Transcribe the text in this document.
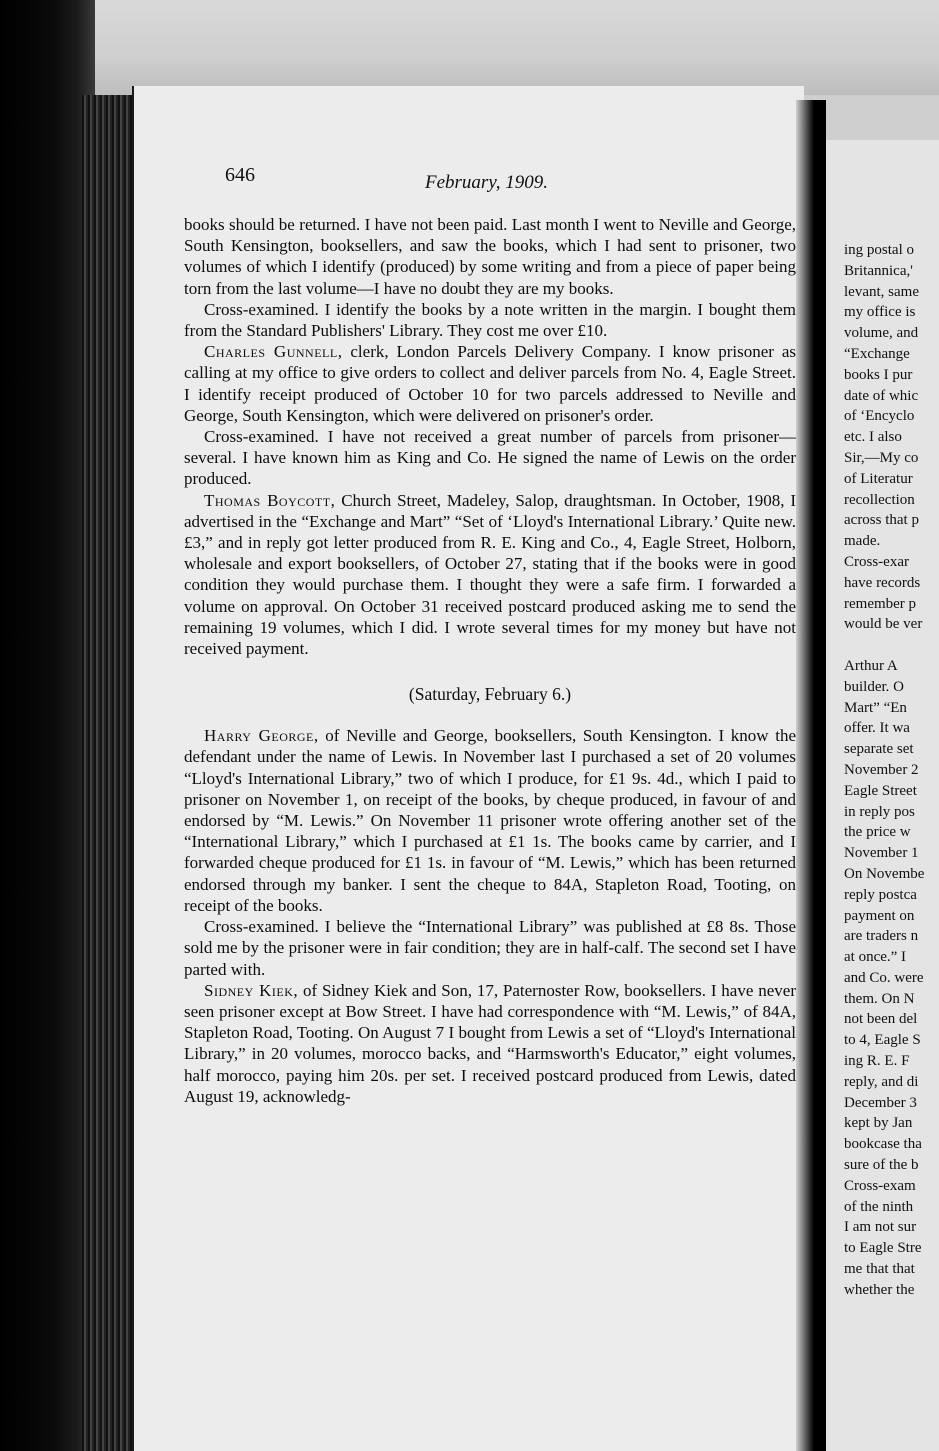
646	February, 1909.

books should be returned. I have not been paid. Last month I went to Neville and George, South Kensington, booksellers, and saw the books, which I had sent to prisoner, two volumes of which I identify (produced) by some writing and from a piece of paper being torn from the last volume—I have no doubt they are my books.

Cross-examined. I identify the books by a note written in the margin. I bought them from the Standard Publishers' Library. They cost me over £10.

Charles Gunnell, clerk, London Parcels Delivery Company. I know prisoner as calling at my office to give orders to collect and deliver parcels from No. 4, Eagle Street. I identify receipt produced of October 10 for two parcels addressed to Neville and George, South Kensington, which were delivered on prisoner's order.

Cross-examined. I have not received a great number of parcels from prisoner—several. I have known him as King and Co. He signed the name of Lewis on the order produced.

Thomas Boycott, Church Street, Madeley, Salop, draughtsman. In October, 1908, I advertised in the “Exchange and Mart” “Set of ‘Lloyd's International Library.’ Quite new. £3,” and in reply got letter produced from R. E. King and Co., 4, Eagle Street, Holborn, wholesale and export booksellers, of October 27, stating that if the books were in good condition they would purchase them. I thought they were a safe firm. I forwarded a volume on approval. On October 31 received postcard produced asking me to send the remaining 19 volumes, which I did. I wrote several times for my money but have not received payment.

(Saturday, February 6.)

Harry George, of Neville and George, booksellers, South Kensington. I know the defendant under the name of Lewis. In November last I purchased a set of 20 volumes “Lloyd's International Library,” two of which I produce, for £1 9s. 4d., which I paid to prisoner on November 1, on receipt of the books, by cheque produced, in favour of and endorsed by “M. Lewis.” On November 11 prisoner wrote offering another set of the “International Library,” which I purchased at £1 1s. The books came by carrier, and I forwarded cheque produced for £1 1s. in favour of “M. Lewis,” which has been returned endorsed through my banker. I sent the cheque to 84A, Stapleton Road, Tooting, on receipt of the books.

Cross-examined. I believe the “International Library” was published at £8 8s. Those sold me by the prisoner were in fair condition; they are in half-calf. The second set I have parted with.

Sidney Kiek, of Sidney Kiek and Son, 17, Paternoster Row, booksellers. I have never seen prisoner except at Bow Street. I have had correspondence with “M. Lewis,” of 84A, Stapleton Road, Tooting. On August 7 I bought from Lewis a set of “Lloyd's International Library,” in 20 volumes, morocco backs, and “Harmsworth's Educator,” eight volumes, half morocco, paying him 20s. per set. I received postcard produced from Lewis, dated August 19, acknowledg-

ing postal o
Britannica,'
levant, same
my office is
volume, and
“Exchange
books I pur
date of whic
of ‘Encyclo
etc. I also
Sir,—My co
of Literatur
recollection
across that p
made.
Cross-exar
have records
remember p
would be ver

Arthur A
builder. O
Mart” “En
offer. It wa
separate set
November 2
Eagle Street
in reply pos
the price w
November 1
On Novembe
reply postca
payment on
are traders n
at once.” I
and Co. were
them. On N
not been del
to 4, Eagle S
ing R. E. F
reply, and di
December 3
kept by Jan
bookcase tha
sure of the b
Cross-exam
of the ninth
I am not sur
to Eagle Stre
me that that
whether the
